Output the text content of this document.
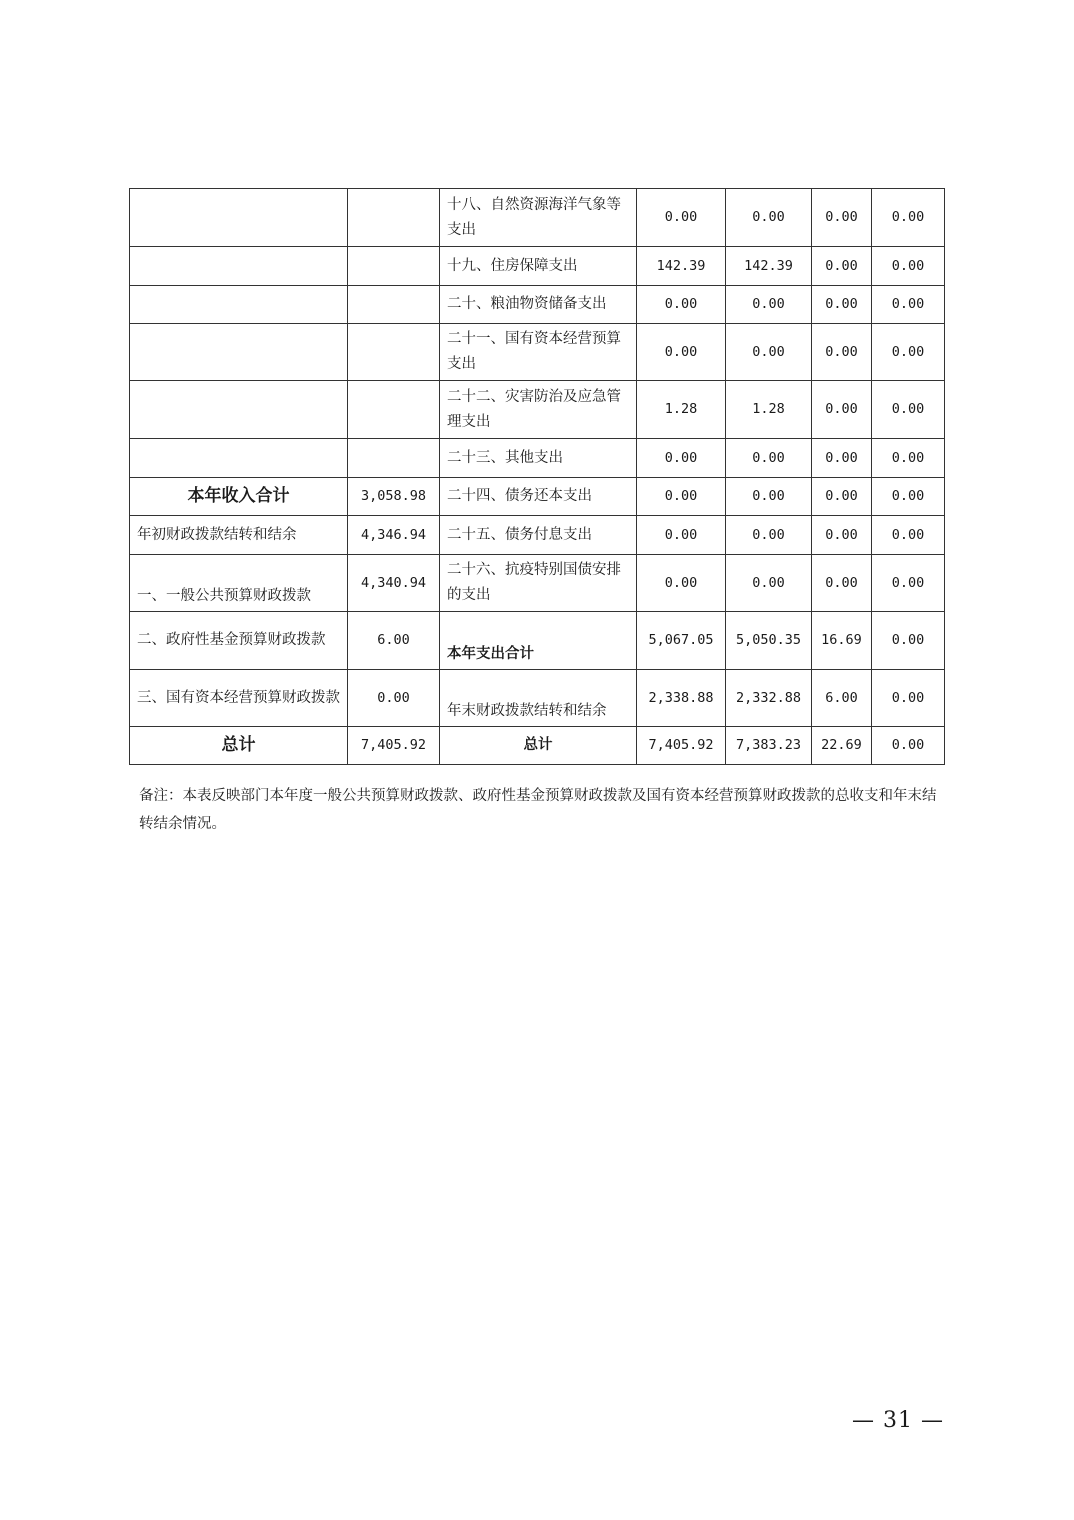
		十八、自然资源海洋气象等支出	0.00	0.00	0.00	0.00
		十九、住房保障支出	142.39	142.39	0.00	0.00
		二十、粮油物资储备支出	0.00	0.00	0.00	0.00
		二十一、国有资本经营预算支出	0.00	0.00	0.00	0.00
		二十二、灾害防治及应急管理支出	1.28	1.28	0.00	0.00
		二十三、其他支出	0.00	0.00	0.00	0.00
本年收入合计	3,058.98	二十四、债务还本支出	0.00	0.00	0.00	0.00
年初财政拨款结转和结余	4,346.94	二十五、债务付息支出	0.00	0.00	0.00	0.00
一、一般公共预算财政拨款	4,340.94	二十六、抗疫特别国债安排的支出	0.00	0.00	0.00	0.00
二、政府性基金预算财政拨款	6.00	本年支出合计	5,067.05	5,050.35	16.69	0.00
三、国有资本经营预算财政拨款	0.00	年末财政拨款结转和结余	2,338.88	2,332.88	6.00	0.00
总计	7,405.92	总计	7,405.92	7,383.23	22.69	0.00

备注：本表反映部门本年度一般公共预算财政拨款、政府性基金预算财政拨款及国有资本经营预算财政拨款的总收支和年末结转结余情况。

— 31 —
